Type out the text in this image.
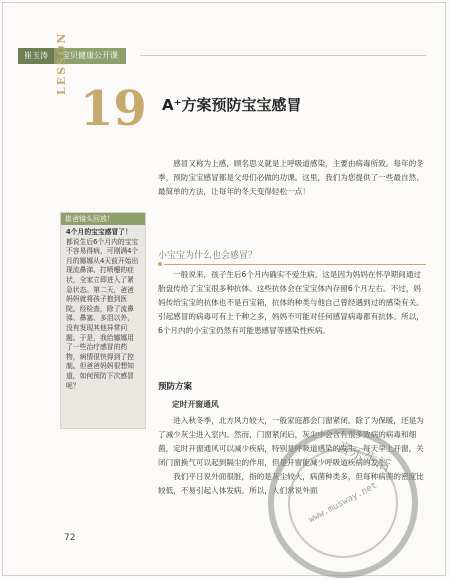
崔玉涛	宝贝健康公开课
LESSON
19 A⁺方案预防宝宝感冒
感冒又称为上感，顾名思义就是上呼吸道感染，主要由病毒所致。每年的冬季，预防宝宝感冒都是父母们必做的功课。这里，我们为您提供了一些最自然、最简单的方法，让每年的冬天变得轻松一点！
崔爸镜头回放！
4个月的宝宝感冒了！
都说生后6个月内的宝宝不容易得病，可刚满4个月的娜娜从4天前开始出现流鼻涕、打喷嚏的症状，全家立即进入了紧急状态。第二天，爸爸妈妈就将孩子抱到医院。经检查，除了流鼻涕、鼻塞、多泪以外，没有发现其他异常问题。于是，我给娜娜用了一些治疗感冒的药物，病情很快得到了控制。但爸爸妈妈很想知道，如何预防下次感冒呢？
小宝宝为什么也会感冒？
一般说来，孩子生后6个月内确实不爱生病，这是因为妈妈在怀孕期间通过胎盘传给了宝宝很多种抗体。这些抗体会在宝宝体内存留6个月左右。不过，妈妈传给宝宝的抗体也不是百宝箱，抗体的种类与他自己曾经遇到过的感染有关。引起感冒的病毒可有上千种之多，妈妈不可能对任何感冒病毒都有抗体。所以，6个月内的小宝宝仍然有可能患感冒等感染性疾病。
预防方案
定时开窗通风
进入秋冬季，北方风力较大，一般家庭都会门窗紧闭。除了为保暖，还是为了减少灰尘进入室内。然而，门窗紧闭后，灰尘中会含有很多致病的病毒和细菌，定时开窗通风可以减少疾病，特别是呼吸道感染的发生。每天早上开窗，关闭门窗换气可以起到隔尘的作用，但是开窗能减少呼吸道疾病的发生。
我们平日说外面很脏，指的是灰尘较大，病菌种类多，但每种病菌的密度比较低，不易引起人体发病。所以，人们常说外面
72
音乐生活
www.musway.net
